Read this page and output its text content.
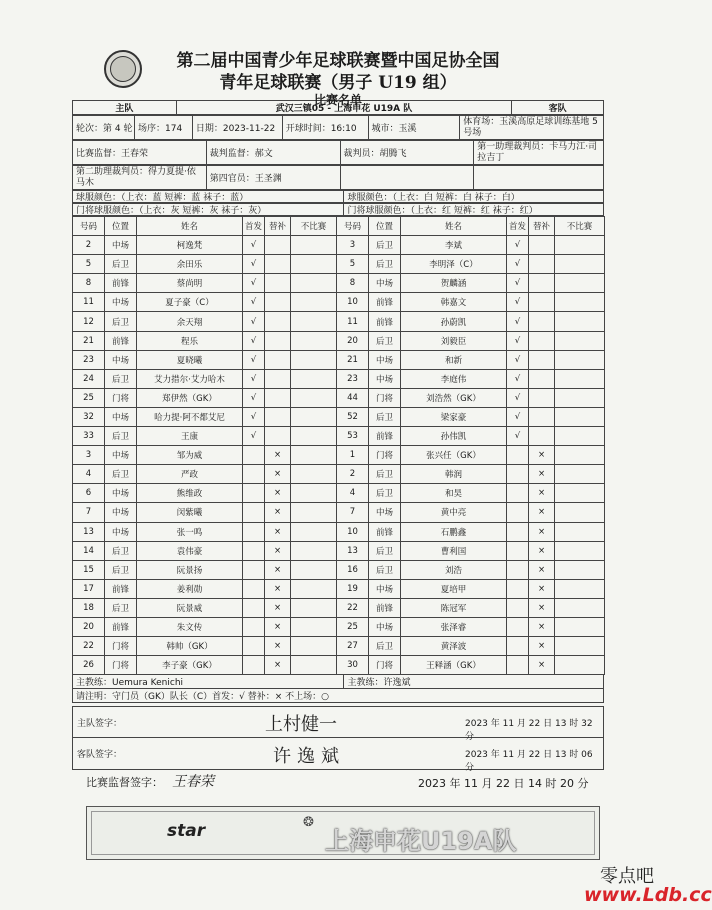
第二届中国青少年足球联赛暨中国足协全国
青年足球联赛（男子 U19 组）
比赛名单
主队	武汉三镇05 - 上海申花 U19A 队	客队
轮次：第 4 轮 场序：174	日期：2023-11-22	开球时间：16:10	城市：玉溪
体育场：玉溪高原足球训练基地 5 号场
比赛监督：王春荣	裁判监督：郝文	裁判员：胡腾飞
第一助理裁判员：卡马力江·司拉吉丁
第二助理裁判员：得力夏提·依马木	第四官员：王圣渊
球服颜色：（上衣：蓝 短裤：蓝 袜子：蓝）	球服颜色：（上衣：白 短裤：白 袜子：白）
门将球服颜色：（上衣：灰 短裤：灰 袜子：灰）	门将球服颜色：（上衣：红 短裤：红 袜子：红）
号码	位置	姓名	首发	替补	不比赛	号码	位置	姓名	首发	替补	不比赛
2	中场	柯逸梵	√			3	后卫	李斌	√		
5	后卫	余田乐	√			5	后卫	李明泽（C）	√		
8	前锋	蔡尚明	√			8	中场	贺麟涵	√		
11	中场	夏子豪（C）	√			10	前锋	韩嘉文	√		
12	后卫	余天翔	√			11	前锋	孙蔚凯	√		
21	前锋	程乐	√			20	后卫	刘毅臣	√		
23	中场	夏晓曦	√			21	中场	和新	√		
24	后卫	艾力措尔·艾力哈木	√			23	中场	李庭伟	√		
25	门将	郑伊然（GK）	√			44	门将	刘浩然（GK）	√		
32	中场	哈力提·阿不都艾尼	√			52	后卫	梁家豪	√		
33	后卫	王康	√			53	前锋	孙伟凯	√		
3	中场	邹为威		×		1	门将	张兴任（GK）		×	
4	后卫	严政		×		2	后卫	韩润		×	
6	中场	熊维政		×		4	后卫	和昊		×	
7	中场	闵紫曦		×		7	中场	黄中亮		×	
13	中场	张一鸣		×		10	前锋	石鹏鑫		×	
14	后卫	袁伟豪		×		13	后卫	曹利国		×	
15	后卫	阮景扬		×		16	后卫	刘浩		×	
17	前锋	姜利勋		×		19	中场	夏培甲		×	
18	后卫	阮景威		×		22	前锋	陈冠军		×	
20	前锋	朱文传		×		25	中场	张泽睿		×	
22	门将	韩帅（GK）		×		27	后卫	黄泽波		×	
26	门将	李子豪（GK）		×		30	门将	王释涵（GK）		×	
主教练：Uemura Kenichi	主教练：许逸斌
请注明：守门员（GK）队长（C）首发：√ 替补：× 不上场：○
主队签字：	上村健一	2023 年 11 月 22 日 13 时 32 分
客队签字：	许逸斌	2023 年 11 月 22 日 13 时 06 分
比赛监督签字： 王春荣	2023 年 11 月 22 日 14 时 20 分
star	❂
上海申花U19A队
零点吧
www.Ldb.cc
